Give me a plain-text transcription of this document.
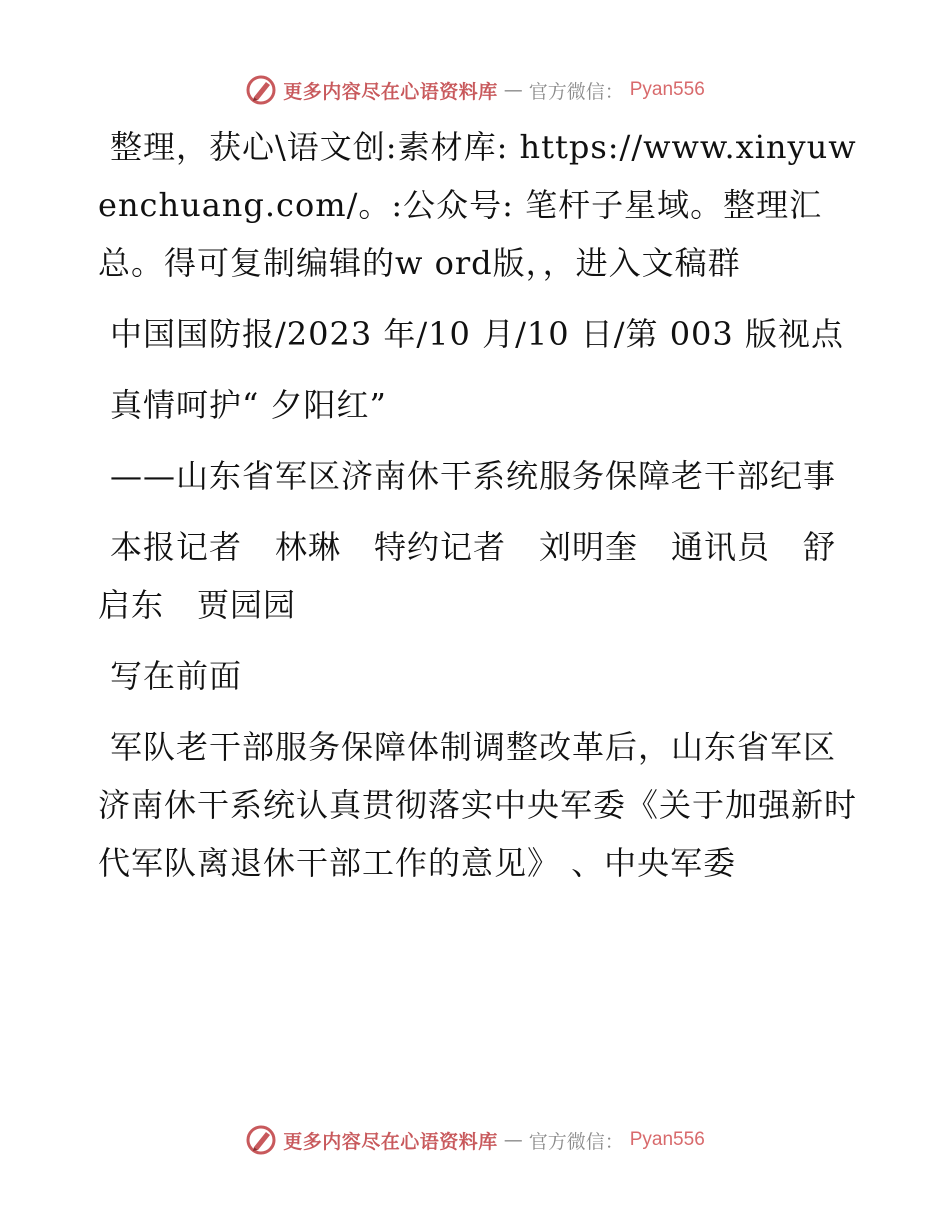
更多内容尽在心语资料库 — 官方微信： Pyan556

整理，获心\语文创:素材库: https://www.xinyuwenchuang.com/。:公众号: 笔杆子星域。整理汇总。得可复制编辑的w ord版，，进入文稿群

中国国防报/2023 年/10 月/10 日/第 003 版视点

真情呵护“ 夕阳红”

——山东省军区济南休干系统服务保障老干部纪事

本报记者　林琳　特约记者　刘明奎　通讯员　舒启东　贾园园

写在前面

军队老干部服务保障体制调整改革后，山东省军区济南休干系统认真贯彻落实中央军委《关于加强新时代军队离退休干部工作的意见》 、中央军委

更多内容尽在心语资料库 — 官方微信： Pyan556
